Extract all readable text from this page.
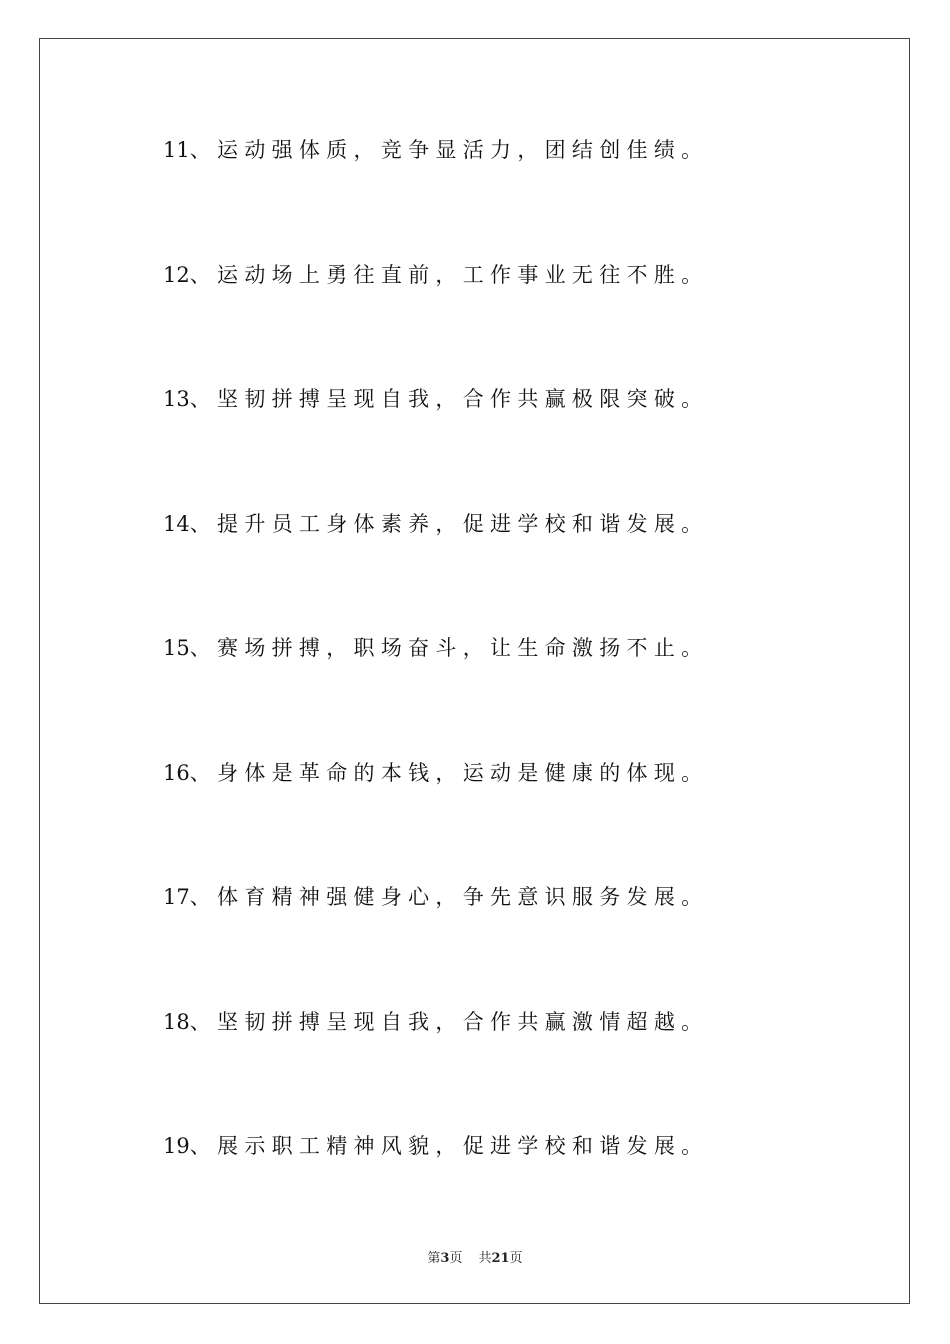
11、运动强体质，竞争显活力，团结创佳绩。
12、运动场上勇往直前，工作事业无往不胜。
13、坚韧拼搏呈现自我，合作共赢极限突破。
14、提升员工身体素养，促进学校和谐发展。
15、赛场拼搏，职场奋斗，让生命激扬不止。
16、身体是革命的本钱，运动是健康的体现。
17、体育精神强健身心，争先意识服务发展。
18、坚韧拼搏呈现自我，合作共赢激情超越。
19、展示职工精神风貌，促进学校和谐发展。
第3页 共21页
